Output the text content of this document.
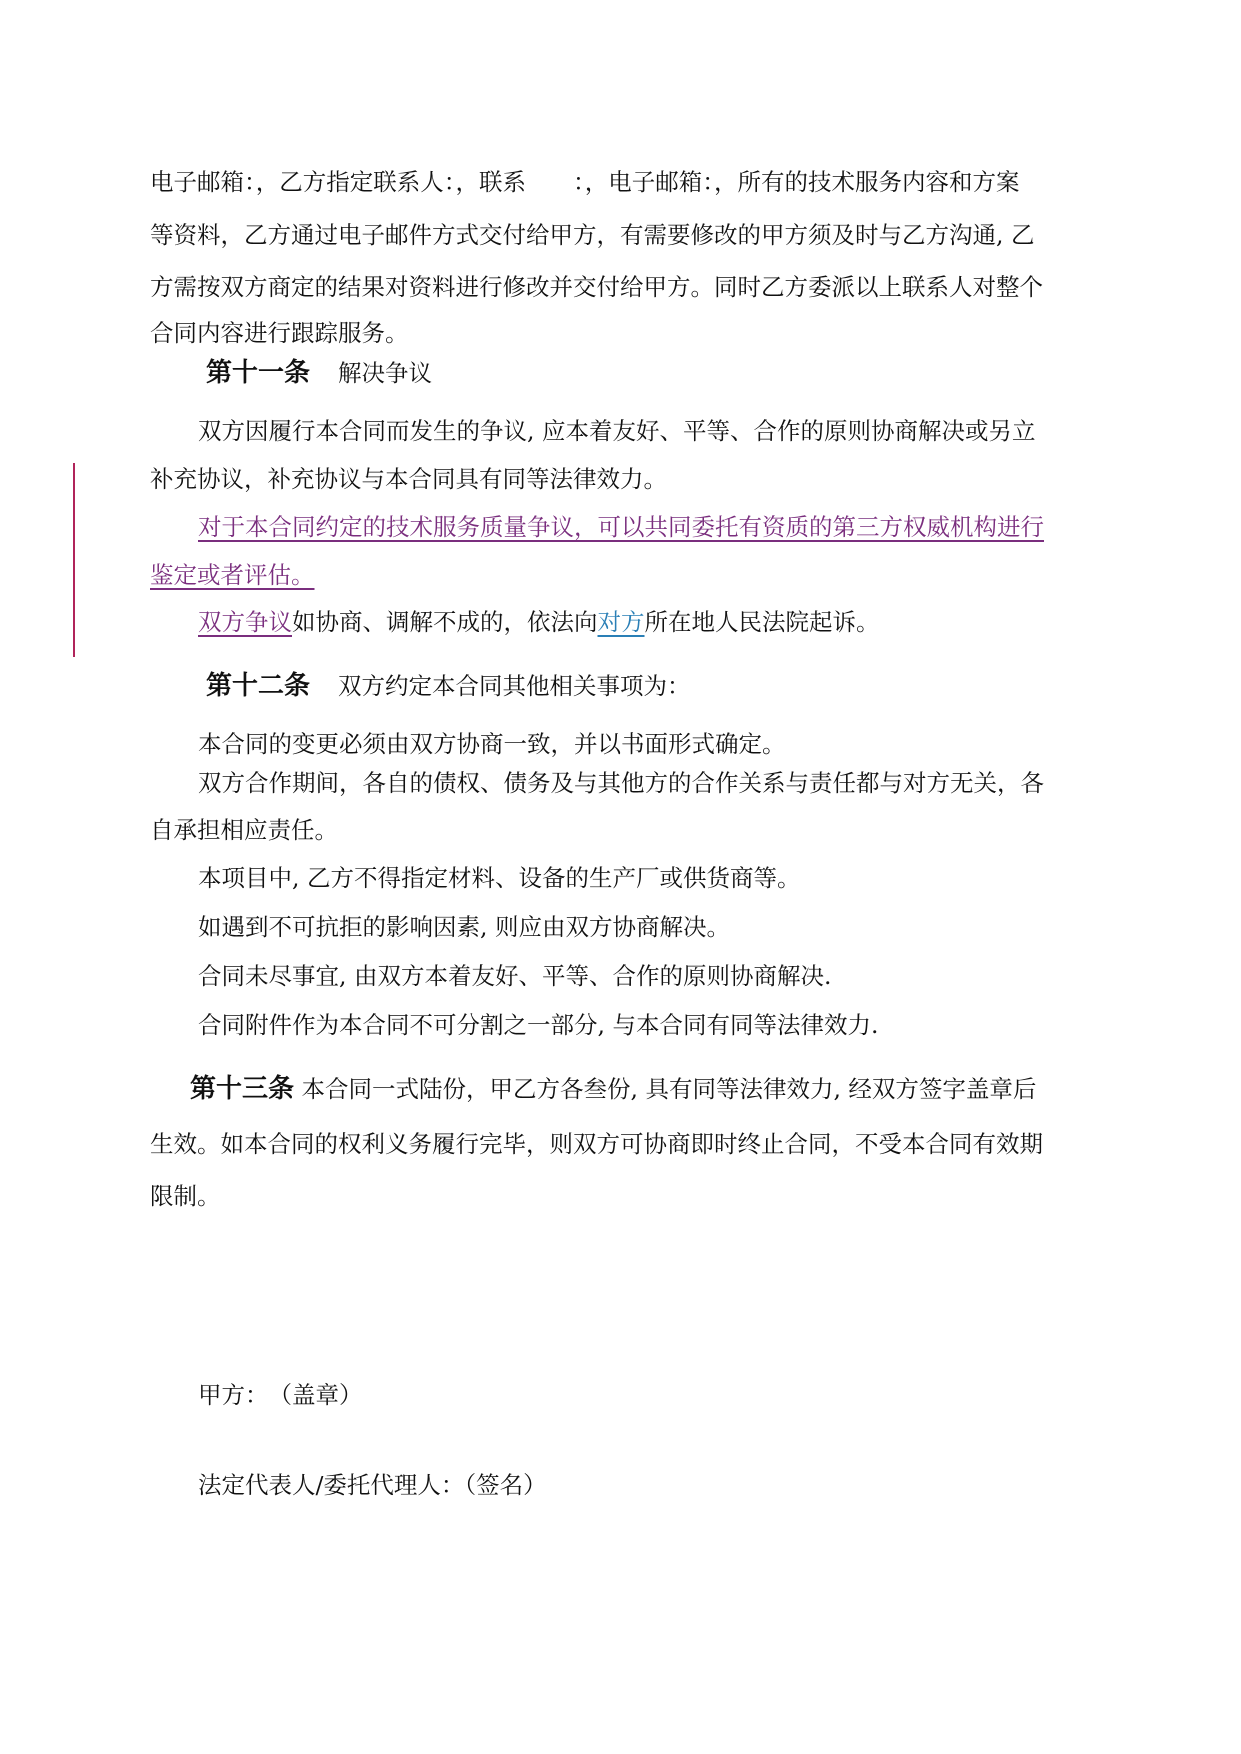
电子邮箱：，乙方指定联系人：，联系　　：，电子邮箱：，所有的技术服务内容和方案
等资料，乙方通过电子邮件方式交付给甲方，有需要修改的甲方须及时与乙方沟通, 乙
方需按双方商定的结果对资料进行修改并交付给甲方。同时乙方委派以上联系人对整个
合同内容进行跟踪服务。
第十一条 解决争议
双方因履行本合同而发生的争议, 应本着友好、平等、合作的原则协商解决或另立
补充协议，补充协议与本合同具有同等法律效力。
对于本合同约定的技术服务质量争议，可以共同委托有资质的第三方权威机构进行
鉴定或者评估。
双方争议如协商、调解不成的，依法向对方所在地人民法院起诉。
第十二条 双方约定本合同其他相关事项为：
本合同的变更必须由双方协商一致，并以书面形式确定。
双方合作期间，各自的债权、债务及与其他方的合作关系与责任都与对方无关，各
自承担相应责任。
本项目中, 乙方不得指定材料、设备的生产厂或供货商等。
如遇到不可抗拒的影响因素, 则应由双方协商解决。
合同未尽事宜, 由双方本着友好、平等、合作的原则协商解决.
合同附件作为本合同不可分割之一部分, 与本合同有同等法律效力.
第十三条 本合同一式陆份，甲乙方各叁份, 具有同等法律效力, 经双方签字盖章后
生效。如本合同的权利义务履行完毕，则双方可协商即时终止合同，不受本合同有效期
限制。
甲方：　（盖章）
法定代表人/委托代理人：（签名）
